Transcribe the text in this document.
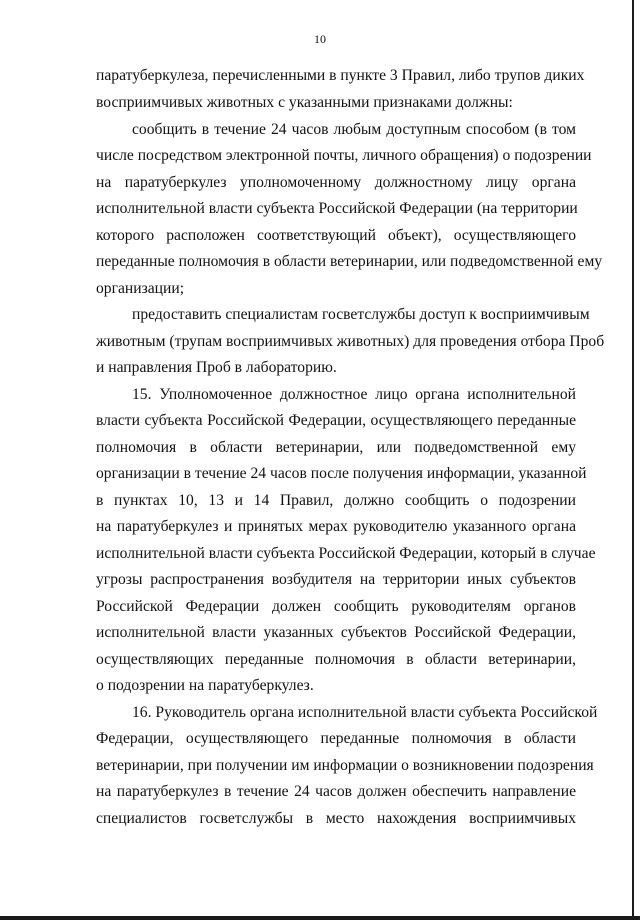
10
паратуберкулеза, перечисленными в пункте 3 Правил, либо трупов диких
восприимчивых животных с указанными признаками должны:
сообщить в течение 24 часов любым доступным способом (в том
числе посредством электронной почты, личного обращения) о подозрении
на паратуберкулез уполномоченному должностному лицу органа
исполнительной власти субъекта Российской Федерации (на территории
которого расположен соответствующий объект), осуществляющего
переданные полномочия в области ветеринарии, или подведомственной ему
организации;
предоставить специалистам госветслужбы доступ к восприимчивым
животным (трупам восприимчивых животных) для проведения отбора Проб
и направления Проб в лабораторию.
15. Уполномоченное должностное лицо органа исполнительной
власти субъекта Российской Федерации, осуществляющего переданные
полномочия в области ветеринарии, или подведомственной ему
организации в течение 24 часов после получения информации, указанной
в пунктах 10, 13 и 14 Правил, должно сообщить о подозрении
на паратуберкулез и принятых мерах руководителю указанного органа
исполнительной власти субъекта Российской Федерации, который в случае
угрозы распространения возбудителя на территории иных субъектов
Российской Федерации должен сообщить руководителям органов
исполнительной власти указанных субъектов Российской Федерации,
осуществляющих переданные полномочия в области ветеринарии,
о подозрении на паратуберкулез.
16. Руководитель органа исполнительной власти субъекта Российской
Федерации, осуществляющего переданные полномочия в области
ветеринарии, при получении им информации о возникновении подозрения
на паратуберкулез в течение 24 часов должен обеспечить направление
специалистов госветслужбы в место нахождения восприимчивых
